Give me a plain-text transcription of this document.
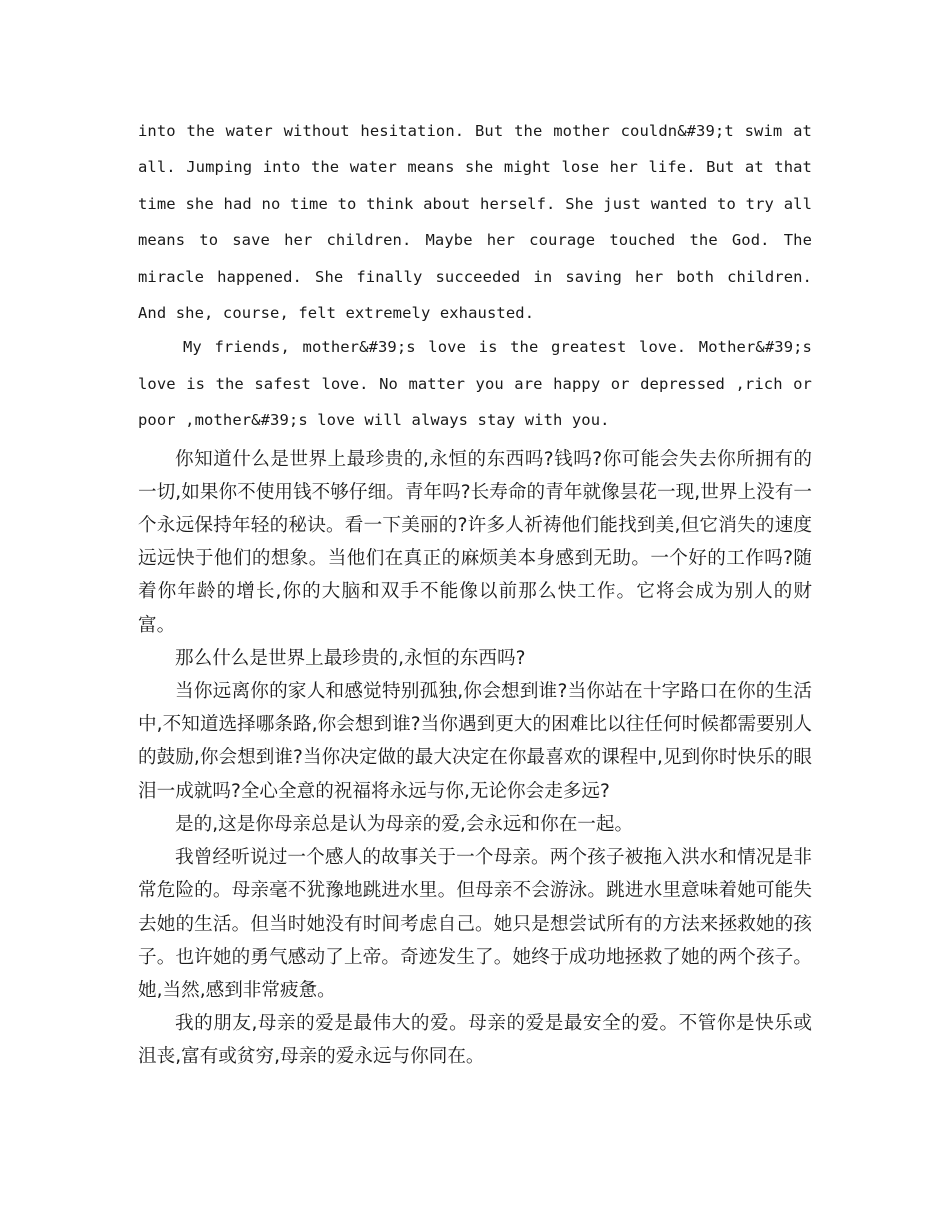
into the water without hesitation. But the mother couldn&#39;t swim at all. Jumping into the water means she might lose her life. But at that time she had no time to think about herself. She just wanted to try all means to save her children. Maybe her courage touched the God. The miracle happened. She finally succeeded in saving her both children. And she, course, felt extremely exhausted.

My friends, mother&#39;s love is the greatest love. Mother&#39;s love is the safest love. No matter you are happy or depressed ,rich or poor ,mother&#39;s love will always stay with you.

你知道什么是世界上最珍贵的,永恒的东西吗?钱吗?你可能会失去你所拥有的一切,如果你不使用钱不够仔细。青年吗?长寿命的青年就像昙花一现,世界上没有一个永远保持年轻的秘诀。看一下美丽的?许多人祈祷他们能找到美,但它消失的速度远远快于他们的想象。当他们在真正的麻烦美本身感到无助。一个好的工作吗?随着你年龄的增长,你的大脑和双手不能像以前那么快工作。它将会成为别人的财富。

那么什么是世界上最珍贵的,永恒的东西吗?

当你远离你的家人和感觉特别孤独,你会想到谁?当你站在十字路口在你的生活中,不知道选择哪条路,你会想到谁?当你遇到更大的困难比以往任何时候都需要别人的鼓励,你会想到谁?当你决定做的最大决定在你最喜欢的课程中,见到你时快乐的眼泪一成就吗?全心全意的祝福将永远与你,无论你会走多远?

是的,这是你母亲总是认为母亲的爱,会永远和你在一起。

我曾经听说过一个感人的故事关于一个母亲。两个孩子被拖入洪水和情况是非常危险的。母亲毫不犹豫地跳进水里。但母亲不会游泳。跳进水里意味着她可能失去她的生活。但当时她没有时间考虑自己。她只是想尝试所有的方法来拯救她的孩子。也许她的勇气感动了上帝。奇迹发生了。她终于成功地拯救了她的两个孩子。她,当然,感到非常疲惫。

我的朋友,母亲的爱是最伟大的爱。母亲的爱是最安全的爱。不管你是快乐或沮丧,富有或贫穷,母亲的爱永远与你同在。
